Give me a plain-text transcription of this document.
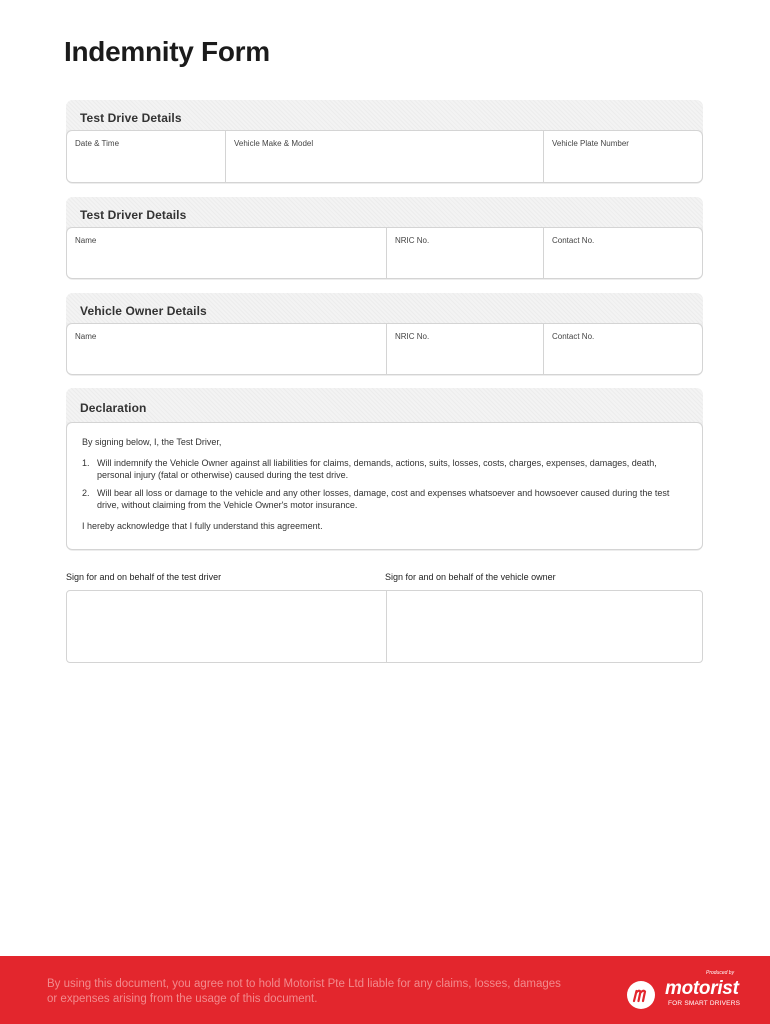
Indemnity Form
Test Drive Details
Date & Time	Vehicle Make & Model	Vehicle Plate Number
Test Driver Details
Name	NRIC No.	Contact No.
Vehicle Owner Details
Name	NRIC No.	Contact No.
Declaration

By signing below, I, the Test Driver,

1. Will indemnify the Vehicle Owner against all liabilities for claims, demands, actions, suits, losses, costs, charges, expenses, damages, death, personal injury (fatal or otherwise) caused during the test drive.
2. Will bear all loss or damage to the vehicle and any other losses, damage, cost and expenses whatsoever and howsoever caused during the test drive, without claiming from the Vehicle Owner's motor insurance.

I hereby acknowledge that I fully understand this agreement.

Sign for and on behalf of the test driver	Sign for and on behalf of the vehicle owner
By using this document, you agree not to hold Motorist Pte Ltd liable for any claims, losses, damages or expenses arising from the usage of this document.
Produced by
motorist
FOR SMART DRIVERS
